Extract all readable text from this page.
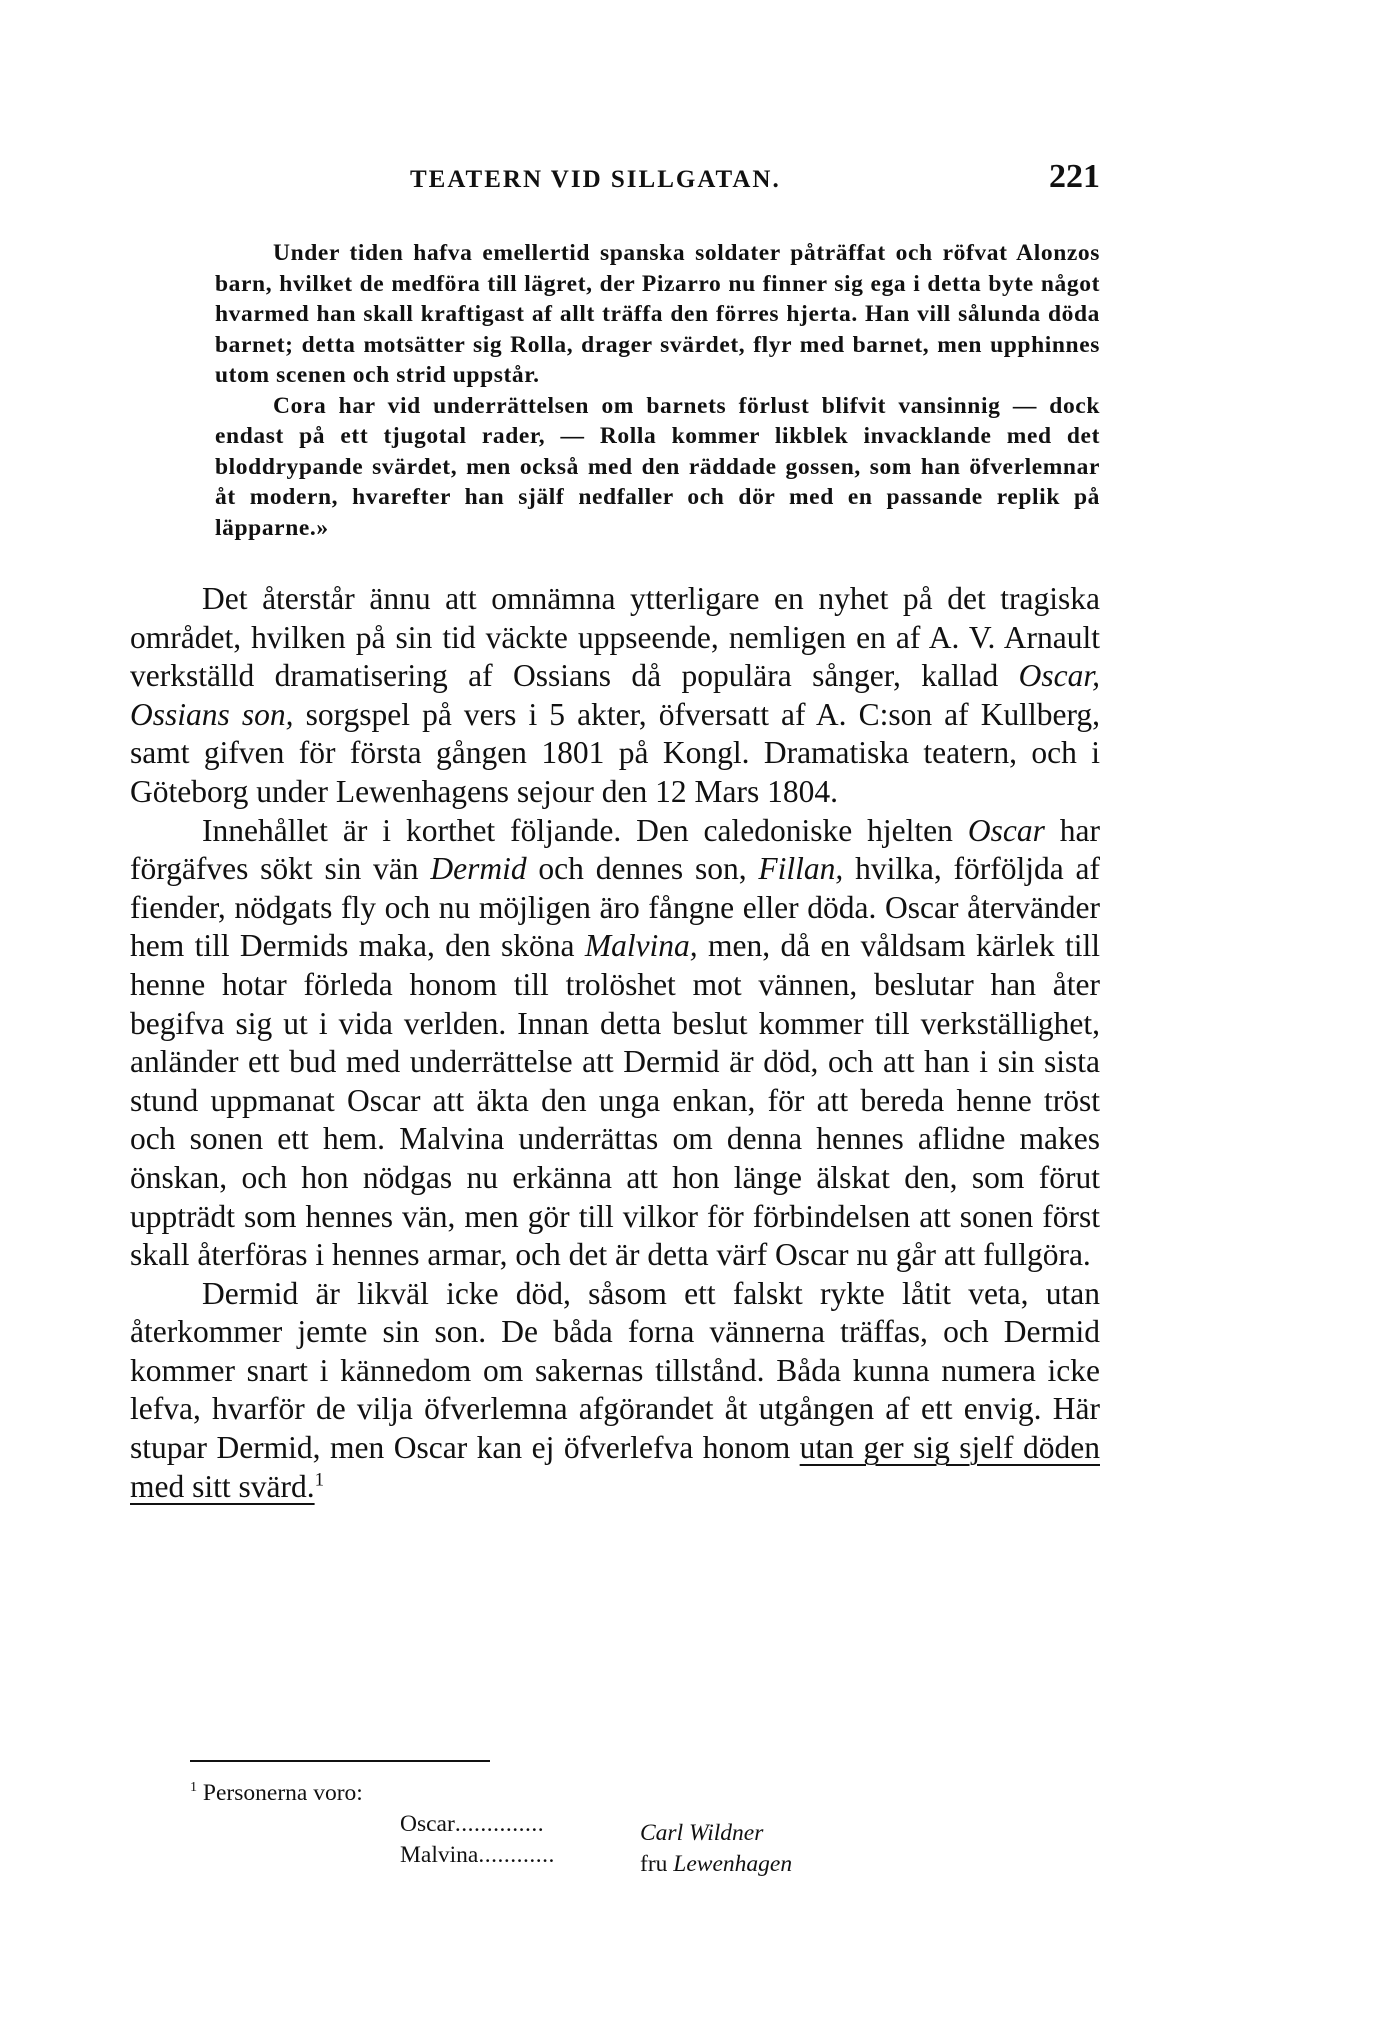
TEATERN VID SILLGATAN.	221

Under tiden hafva emellertid spanska soldater påträffat och röfvat Alonzos barn, hvilket de medföra till lägret, der Pizarro nu finner sig ega i detta byte något hvarmed han skall kraftigast af allt träffa den förres hjerta. Han vill sålunda döda barnet; detta motsätter sig Rolla, drager svärdet, flyr med barnet, men upphinnes utom scenen och strid uppstår.

Cora har vid underrättelsen om barnets förlust blifvit vansinnig — dock endast på ett tjugotal rader, — Rolla kommer likblek invacklande med det bloddrypande svärdet, men också med den räddade gossen, som han öfverlemnar åt modern, hvarefter han själf nedfaller och dör med en passande replik på läpparne.»

Det återstår ännu att omnämna ytterligare en nyhet på det tragiska området, hvilken på sin tid väckte uppseende, nemligen en af A. V. Arnault verkställd dramatisering af Ossians då populära sånger, kallad Oscar, Ossians son, sorgspel på vers i 5 akter, öfversatt af A. C:son af Kullberg, samt gifven för första gången 1801 på Kongl. Dramatiska teatern, och i Göteborg under Lewenhagens sejour den 12 Mars 1804.

Innehållet är i korthet följande. Den caledoniske hjelten Oscar har förgäfves sökt sin vän Dermid och dennes son, Fillan, hvilka, förföljda af fiender, nödgats fly och nu möjligen äro fångne eller döda. Oscar återvänder hem till Dermids maka, den sköna Malvina, men, då en våldsam kärlek till henne hotar förleda honom till trolöshet mot vännen, beslutar han åter begifva sig ut i vida verlden. Innan detta beslut kommer till verkställighet, anländer ett bud med underrättelse att Dermid är död, och att han i sin sista stund uppmanat Oscar att äkta den unga enkan, för att bereda henne tröst och sonen ett hem. Malvina underrättas om denna hennes aflidne makes önskan, och hon nödgas nu erkänna att hon länge älskat den, som förut uppträdt som hennes vän, men gör till vilkor för förbindelsen att sonen först skall återföras i hennes armar, och det är detta värf Oscar nu går att fullgöra.

Dermid är likväl icke död, såsom ett falskt rykte låtit veta, utan återkommer jemte sin son. De båda forna vännerna träffas, och Dermid kommer snart i kännedom om sakernas tillstånd. Båda kunna numera icke lefva, hvarför de vilja öfverlemna afgörandet åt utgången af ett envig. Här stupar Dermid, men Oscar kan ej öfverlefva honom utan ger sig sjelf döden med sitt svärd.$^1$

$^1$ Personerna voro:

Oscar..............	Carl Wildner
Malvina............	fru Lewenhagen
